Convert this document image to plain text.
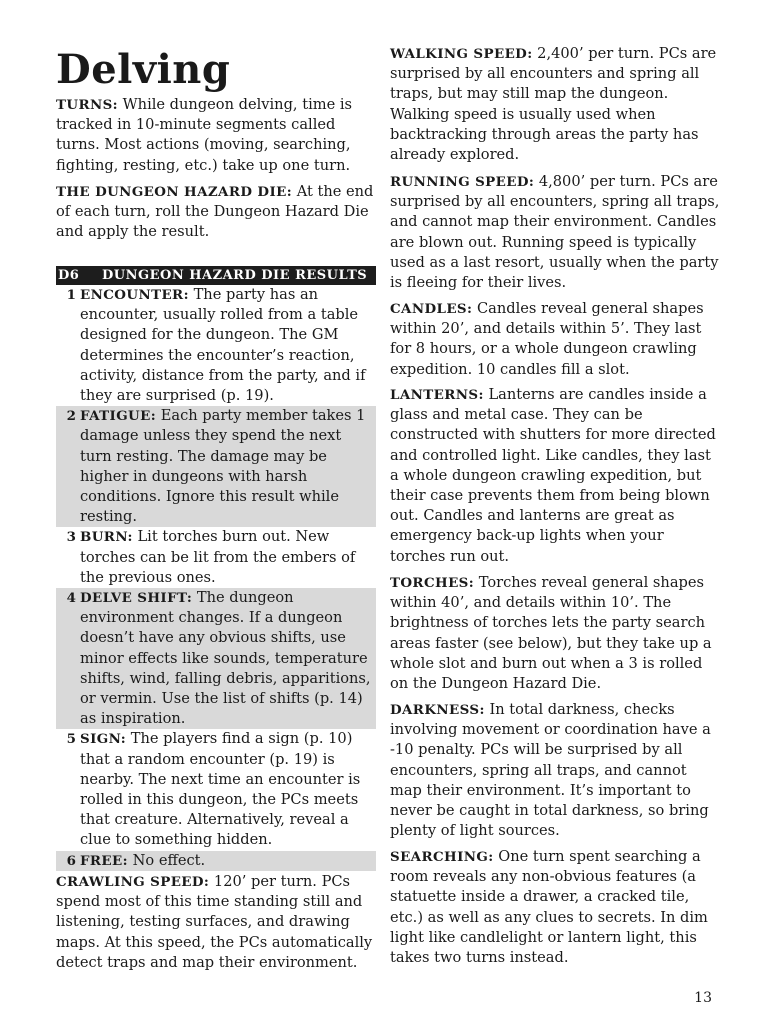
Delving

TURNS: While dungeon delving, time is tracked in 10-minute segments called turns. Most actions (moving, searching, fighting, resting, etc.) take up one turn.

THE DUNGEON HAZARD DIE: At the end of each turn, roll the Dungeon Hazard Die and apply the result.

D6	DUNGEON HAZARD DIE RESULTS
1 ENCOUNTER: The party has an encounter, usually rolled from a table designed for the dungeon. The GM determines the encounter’s reaction, activity, distance from the party, and if they are surprised (p. 19).
2 FATIGUE: Each party member takes 1 damage unless they spend the next turn resting. The damage may be higher in dungeons with harsh conditions. Ignore this result while resting.
3 BURN: Lit torches burn out. New torches can be lit from the embers of the previous ones.
4 DELVE SHIFT: The dungeon environment changes. If a dungeon doesn’t have any obvious shifts, use minor effects like sounds, temperature shifts, wind, falling debris, apparitions, or vermin. Use the list of shifts (p. 14) as inspiration.
5 SIGN: The players find a sign (p. 10) that a random encounter (p. 19) is nearby. The next time an encounter is rolled in this dungeon, the PCs meets that creature. Alternatively, reveal a clue to something hidden.
6 FREE: No effect.

CRAWLING SPEED: 120’ per turn. PCs spend most of this time standing still and listening, testing surfaces, and drawing maps. At this speed, the PCs automatically detect traps and map their environment.

WALKING SPEED: 2,400’ per turn. PCs are surprised by all encounters and spring all traps, but may still map the dungeon. Walking speed is usually used when backtracking through areas the party has already explored.

RUNNING SPEED: 4,800’ per turn. PCs are surprised by all encounters, spring all traps, and cannot map their environment. Candles are blown out. Running speed is typically used as a last resort, usually when the party is fleeing for their lives.

CANDLES: Candles reveal general shapes within 20’, and details within 5’. They last for 8 hours, or a whole dungeon crawling expedition. 10 candles fill a slot.

LANTERNS: Lanterns are candles inside a glass and metal case. They can be constructed with shutters for more directed and controlled light. Like candles, they last a whole dungeon crawling expedition, but their case prevents them from being blown out. Candles and lanterns are great as emergency back-up lights when your torches run out.

TORCHES: Torches reveal general shapes within 40’, and details within 10’. The brightness of torches lets the party search areas faster (see below), but they take up a whole slot and burn out when a 3 is rolled on the Dungeon Hazard Die.

DARKNESS: In total darkness, checks involving movement or coordination have a -10 penalty. PCs will be surprised by all encounters, spring all traps, and cannot map their environment. It’s important to never be caught in total darkness, so bring plenty of light sources.

SEARCHING: One turn spent searching a room reveals any non-obvious features (a statuette inside a drawer, a cracked tile, etc.) as well as any clues to secrets. In dim light like candlelight or lantern light, this takes two turns instead.

13
